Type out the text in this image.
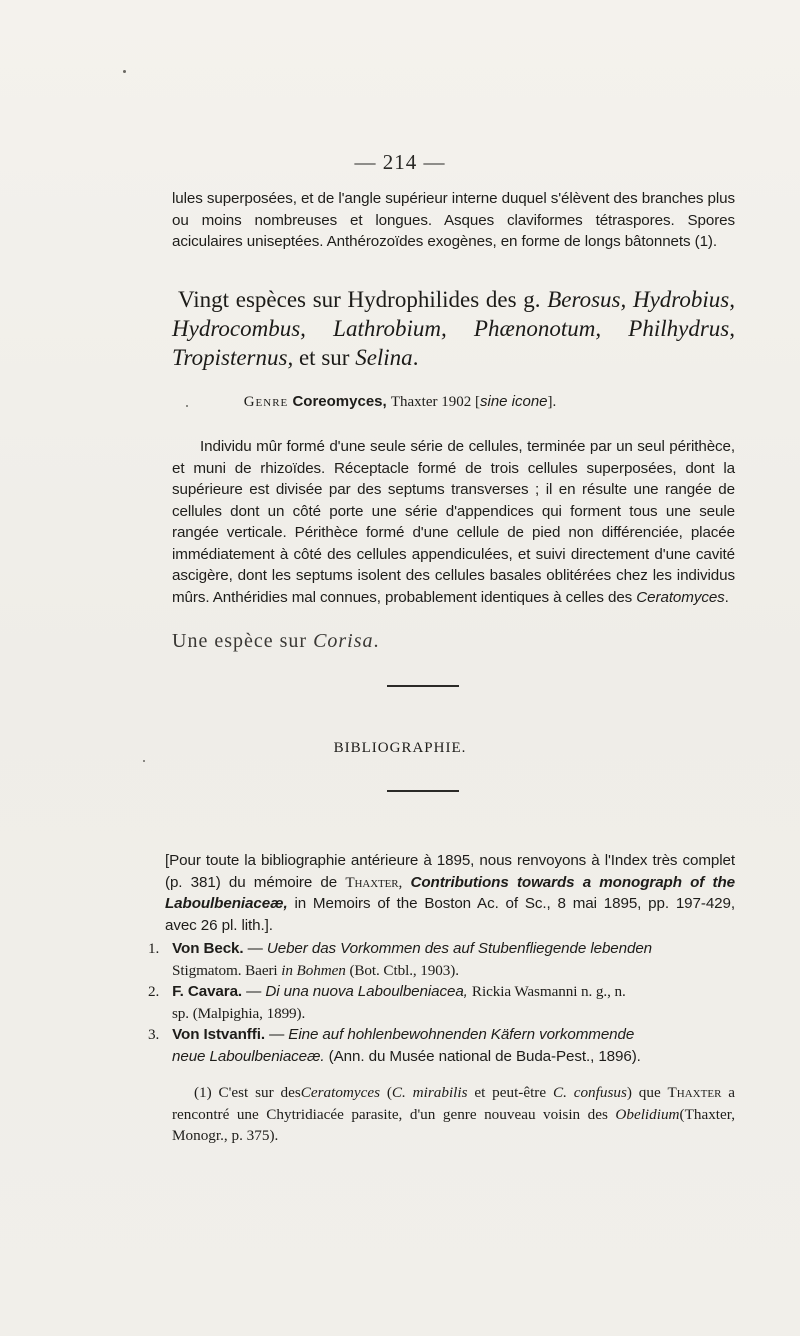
— 214 —
lules superposées, et de l'angle supérieur interne duquel s'élèvent des branches plus ou moins nombreuses et longues. Asques claviformes tétraspores. Spores aciculaires uniseptées. Anthérozoïdes exogènes, en forme de longs bâtonnets (1).
Vingt espèces sur Hydrophilides des g. Berosus, Hydrobius, Hydrocombus, Lathrobium, Phænonotum, Philhydrus, Tropisternus, et sur Selina.
Genre Coreomyces, Thaxter 1902 [sine icone].
Individu mûr formé d'une seule série de cellules, terminée par un seul périthèce, et muni de rhizoïdes. Réceptacle formé de trois cellules superposées, dont la supérieure est divisée par des septums transverses ; il en résulte une rangée de cellules dont un côté porte une série d'appendices qui forment tous une seule rangée verticale. Périthèce formé d'une cellule de pied non différenciée, placée immédiatement à côté des cellules appendiculées, et suivi directement d'une cavité ascigère, dont les septums isolent des cellules basales oblitérées chez les individus mûrs. Anthéridies mal connues, probablement identiques à celles des Ceratomyces.
Une espèce sur Corisa.
BIBLIOGRAPHIE.
[Pour toute la bibliographie antérieure à 1895, nous renvoyons à l'Index très complet (p. 381) du mémoire de Thaxter, Contributions towards a monograph of the Laboulbeniaceæ, in Memoirs of the Boston Ac. of Sc., 8 mai 1895, pp. 197-429, avec 26 pl. lith.].
1. Von Beck. — Ueber das Vorkommen des auf Stubenfliegende lebenden
Stigmatom. Baeri in Bohmen (Bot. Ctbl., 1903).
2. F. Cavara. — Di una nuova Laboulbeniacea, Rickia Wasmanni n. g., n.
sp. (Malpighia, 1899).
3. Von Istvanffi. — Eine auf hohlenbewohnenden Käfern vorkommende
neue Laboulbeniaceæ. (Ann. du Musée national de Buda-Pest., 1896).
(1) C'est sur desCeratomyces (C. mirabilis et peut-être C. confusus) que Thaxter a rencontré une Chytridiacée parasite, d'un genre nouveau voisin des Obelidium(Thaxter, Monogr., p. 375).
